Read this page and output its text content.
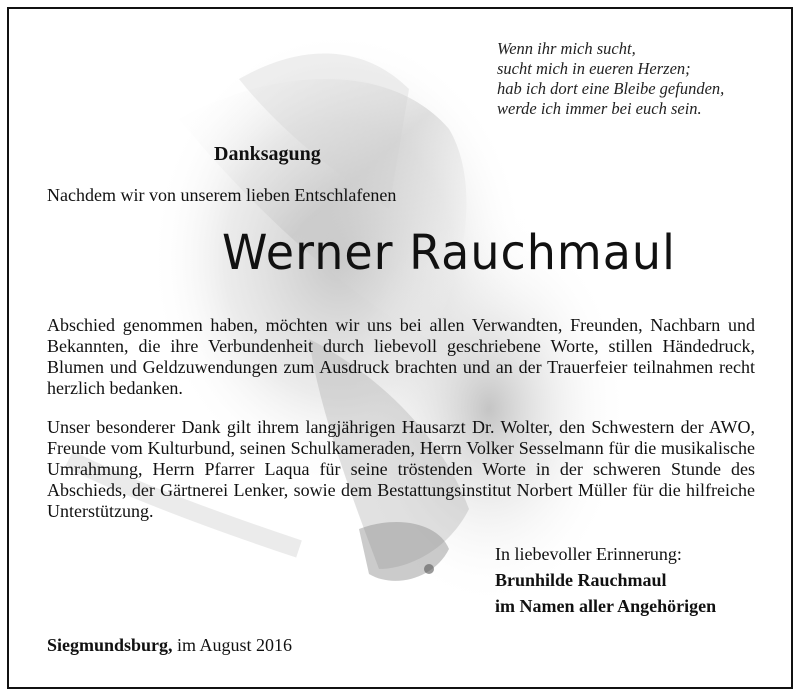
Wenn ihr mich sucht,
sucht mich in eueren Herzen;
hab ich dort eine Bleibe gefunden,
werde ich immer bei euch sein.
Danksagung
Nachdem wir von unserem lieben Entschlafenen
Werner Rauchmaul
Abschied genommen haben, möchten wir uns bei allen Verwandten, Freunden, Nachbarn und Bekannten, die ihre Verbundenheit durch liebevoll geschriebene Worte, stillen Händedruck, Blumen und Geldzuwendungen zum Ausdruck brachten und an der Trauerfeier teilnahmen recht herzlich bedanken.
Unser besonderer Dank gilt ihrem langjährigen Hausarzt Dr. Wolter, den Schwestern der AWO, Freunde vom Kulturbund, seinen Schulkameraden, Herrn Volker Sesselmann für die musikalische Umrahmung, Herrn Pfarrer Laqua für seine tröstenden Worte in der schweren Stunde des Abschieds, der Gärtnerei Lenker, sowie dem Bestattungsinstitut Norbert Müller für die hilfreiche Unterstützung.
In liebevoller Erinnerung:
Brunhilde Rauchmaul
im Namen aller Angehörigen
Siegmundsburg, im August 2016
